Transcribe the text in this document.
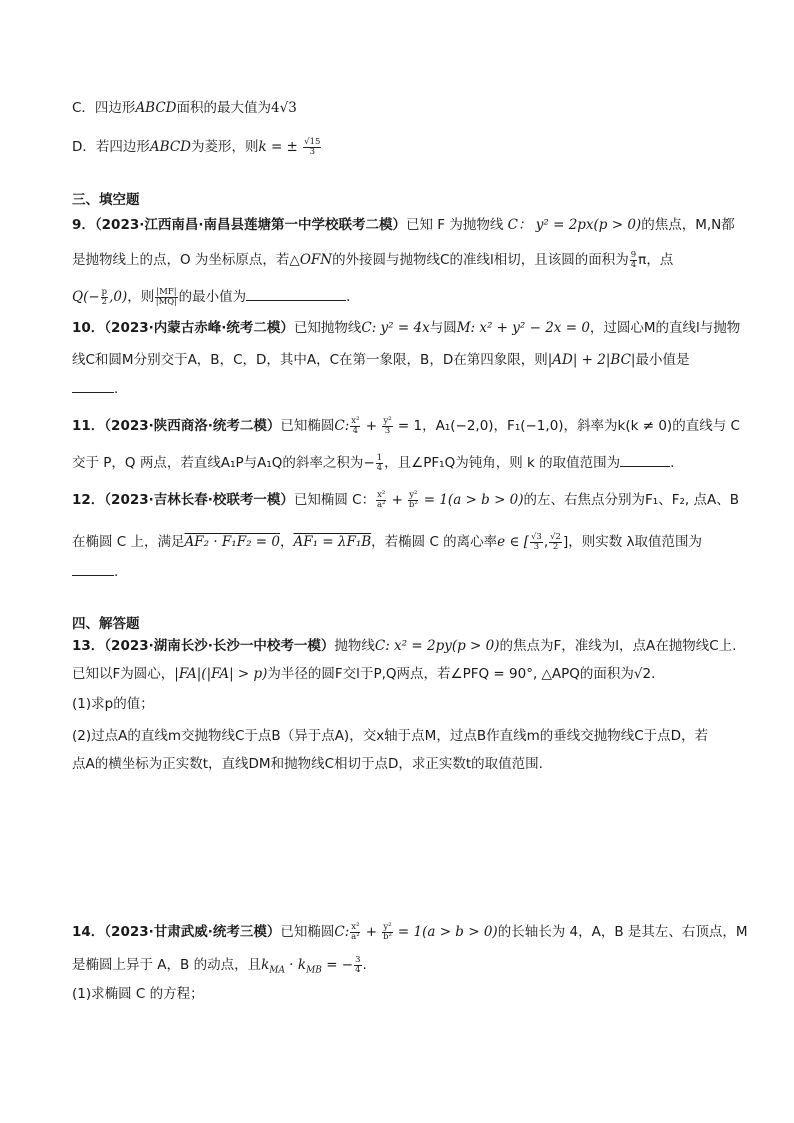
C．四边形ABCD面积的最大值为4√3
D．若四边形ABCD为菱形，则k = ± $\frac{√15}{3}$
三、填空题
9．（2023·江西南昌·南昌县莲塘第一中学校联考二模）已知 F 为抛物线 C： y² = 2px(p > 0)的焦点，M,N都
是抛物线上的点，O 为坐标原点，若△OFN的外接圆与抛物线C的准线l相切，且该圆的面积为 $\frac{9}{4}$ π，点
$Q(- \frac{p}{2} ,0)$，则 $\frac{|MF|}{|MQ|}$ 的最小值为	．
10．（2023·内蒙古赤峰·统考二模）已知抛物线C: y² = 4x与圆M: x² + y² − 2x = 0，过圆心M的直线l与抛物
线C和圆M分别交于A，B，C，D，其中A，C在第一象限，B，D在第四象限，则|AD| + 2|BC|最小值是
.
11．（2023·陕西商洛·统考二模）已知椭圆C: $\frac{\text{x²}}{4} + \frac{\text{y²}}{3} = 1$，A₁(−2,0)，F₁(−1,0)，斜率为k(k ≠ 0)的直线与 C
交于 P，Q 两点，若直线A₁P与A₁Q的斜率之积为− $\frac{1}{4}$ ，且∠PF₁Q为钝角，则 k 的取值范围为	.
12．（2023·吉林长春·校联考一模）已知椭圆 C： $\frac{\text{x²}}{\text{a²}} + \frac{\text{y²}}{\text{b²}} = 1(a > b > 0)$的左、右焦点分别为F₁、F₂, 点A、B
在椭圆 C 上，满足AF₂ · F₁F₂ = 0，AF₁ = λF₁B，若椭圆 C 的离心率e ∈ [ $\frac{√3}{3}$ , $\frac{√2}{2}$ ]，则实数 λ取值范围为
.
四、解答题
13．（2023·湖南长沙·长沙一中校考一模）抛物线C: x² = 2py(p > 0)的焦点为F，准线为l，点A在抛物线C上.
已知以F为圆心，|FA|(|FA| > p)为半径的圆F交l于P,Q两点，若∠PFQ = 90°, △APQ的面积为√2.
(1)求p的值；
(2)过点A的直线m交抛物线C于点B（异于点A)，交x轴于点M，过点B作直线m的垂线交抛物线C于点D，若
点A的横坐标为正实数t，直线DM和抛物线C相切于点D，求正实数t的取值范围.
14．（2023·甘肃武威·统考三模）已知椭圆C: $\frac{\text{x²}}{\text{a²}} + \frac{\text{y²}}{\text{b²}} = 1(a > b > 0)$的长轴长为 4，A，B 是其左、右顶点，M
是椭圆上异于 A，B 的动点，且$k_{MA} \cdot k_{MB}$ = − $\frac{3}{4}$ .
(1)求椭圆 C 的方程；
